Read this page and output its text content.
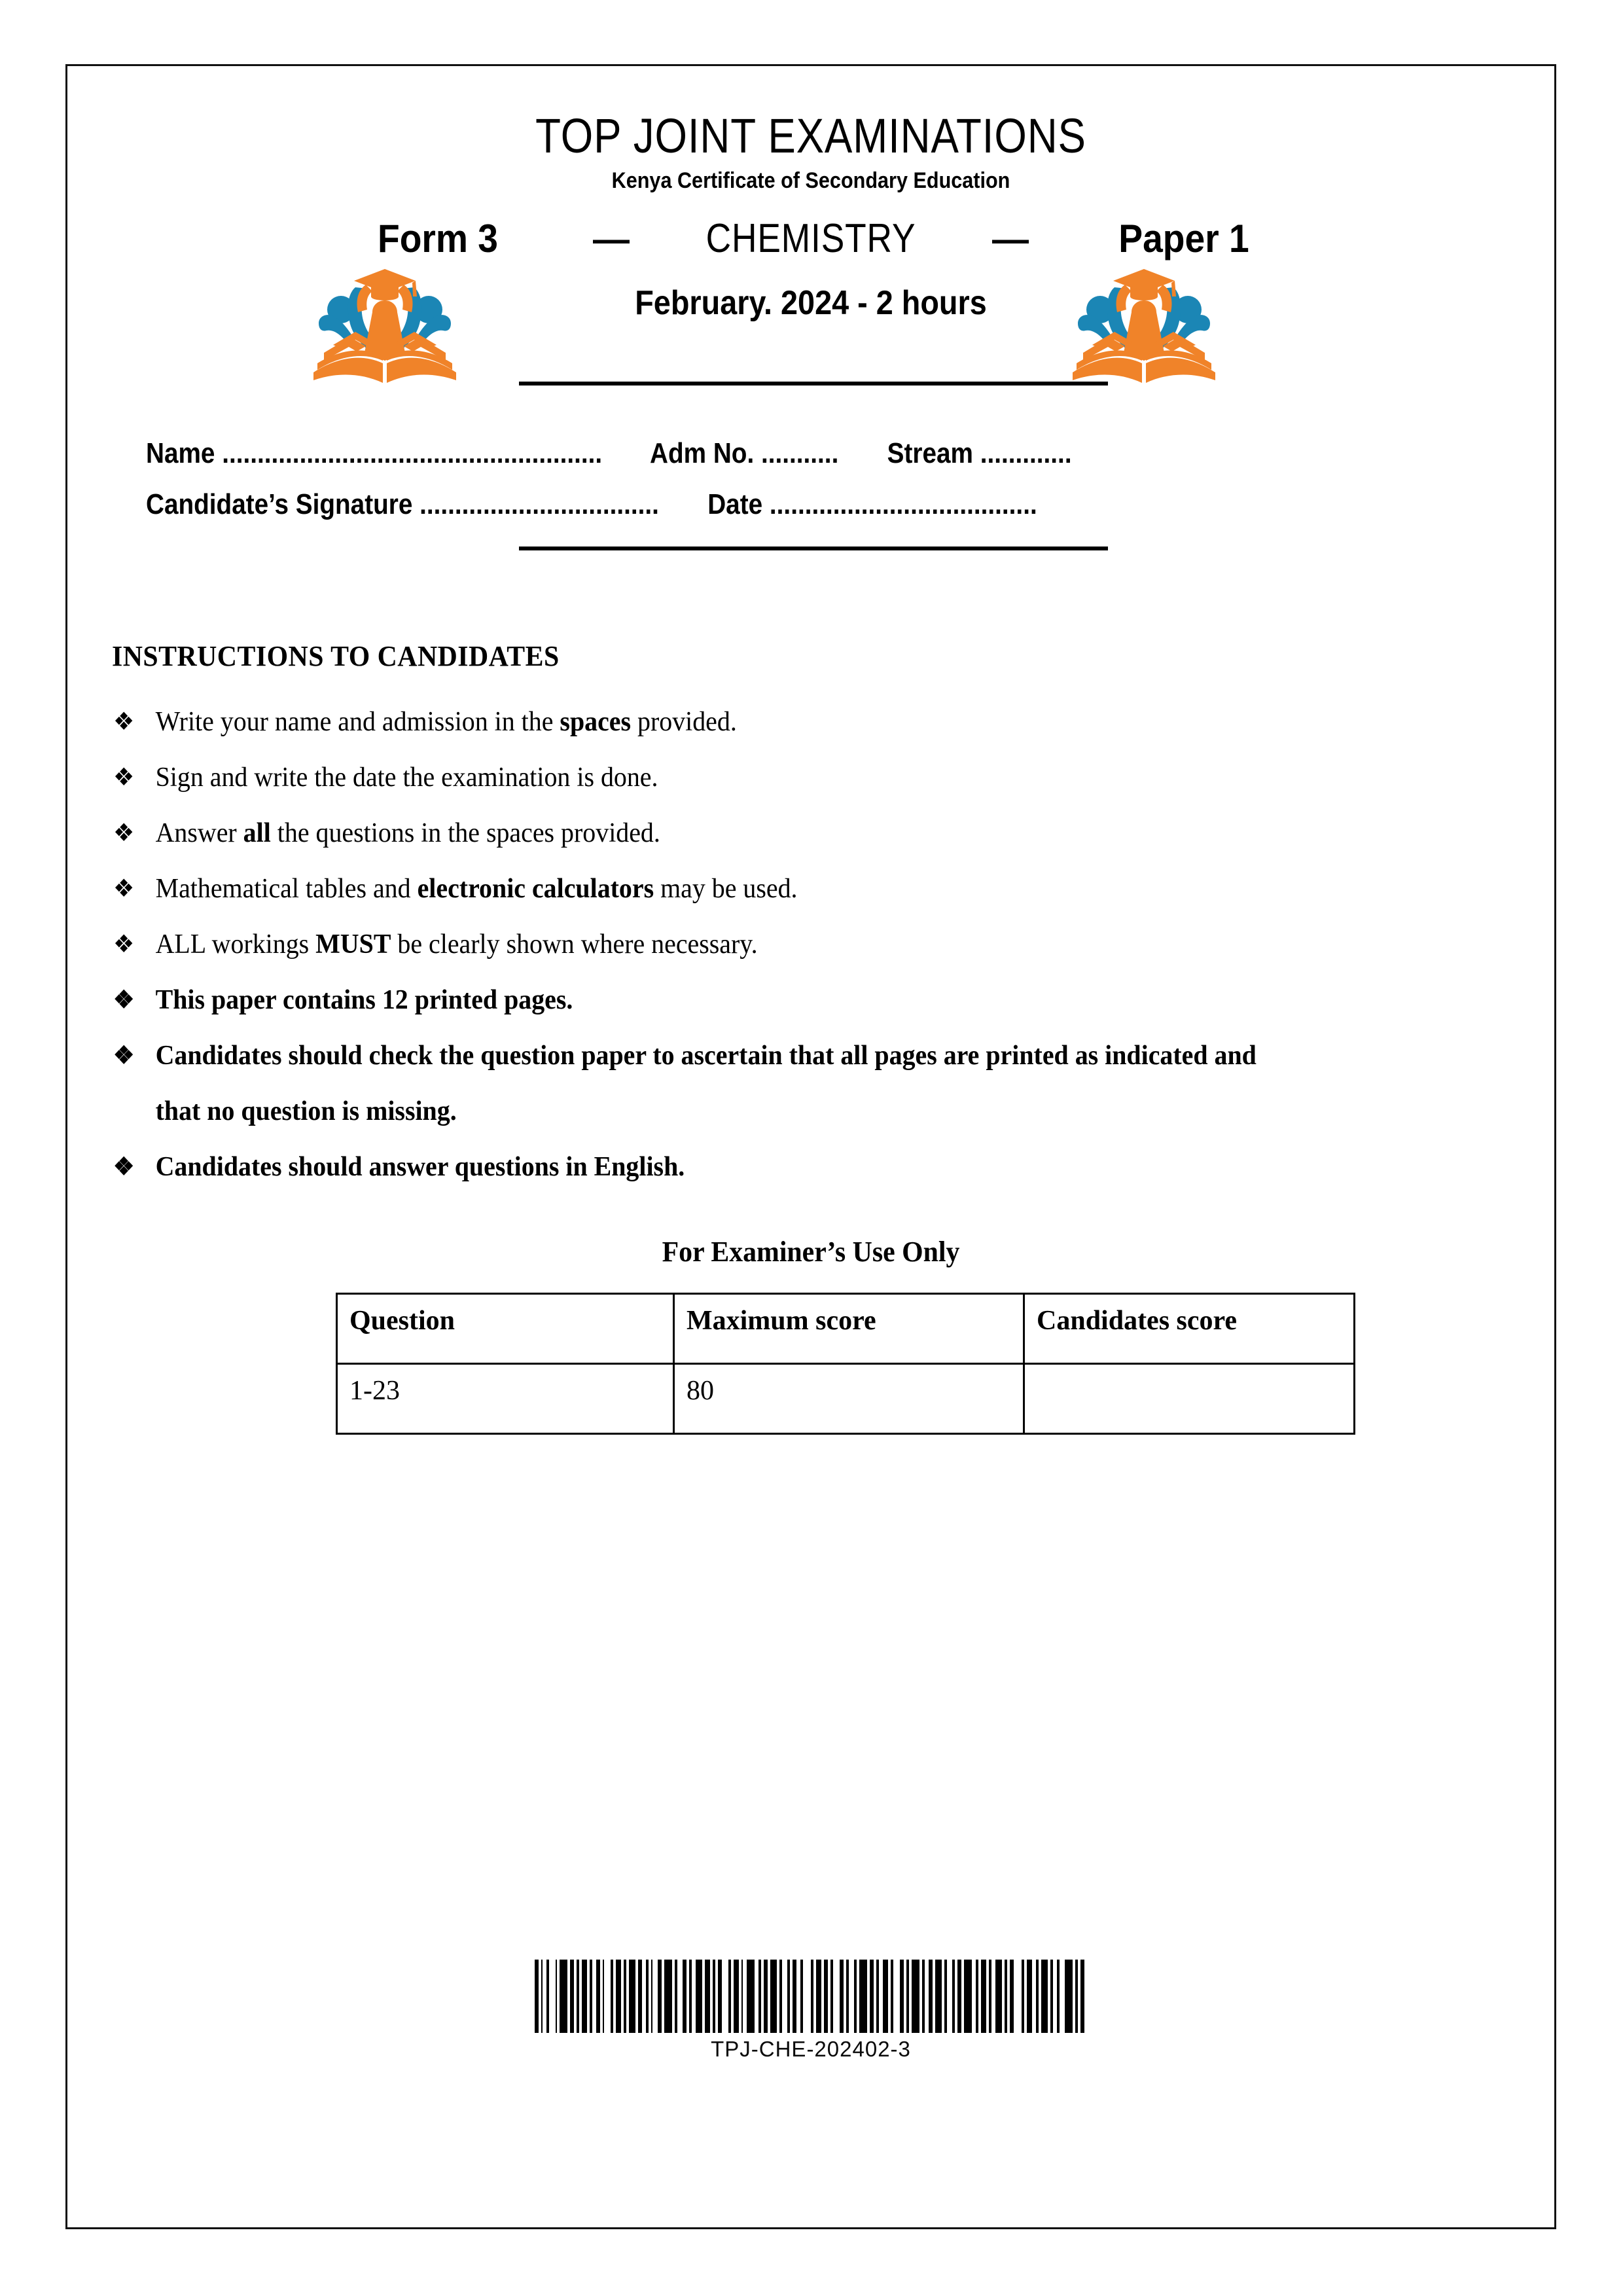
TOP JOINT EXAMINATIONS
Kenya Certificate of Secondary Education
Form 3	—	CHEMISTRY	—	Paper 1
February. 2024 - 2 hours
Name ...................................................... Adm No. ........... Stream .............
Candidate’s Signature .................................. Date ......................................
INSTRUCTIONS TO CANDIDATES
❖ Write your name and admission in the spaces provided.
❖ Sign and write the date the examination is done.
❖ Answer all the questions in the spaces provided.
❖ Mathematical tables and electronic calculators may be used.
❖ ALL workings MUST be clearly shown where necessary.
❖ This paper contains 12 printed pages.
❖ Candidates should check the question paper to ascertain that all pages are printed as indicated and that no question is missing.
❖ Candidates should answer questions in English.
For Examiner’s Use Only
Question	Maximum score	Candidates score
1-23	80	
TPJ-CHE-202402-3
